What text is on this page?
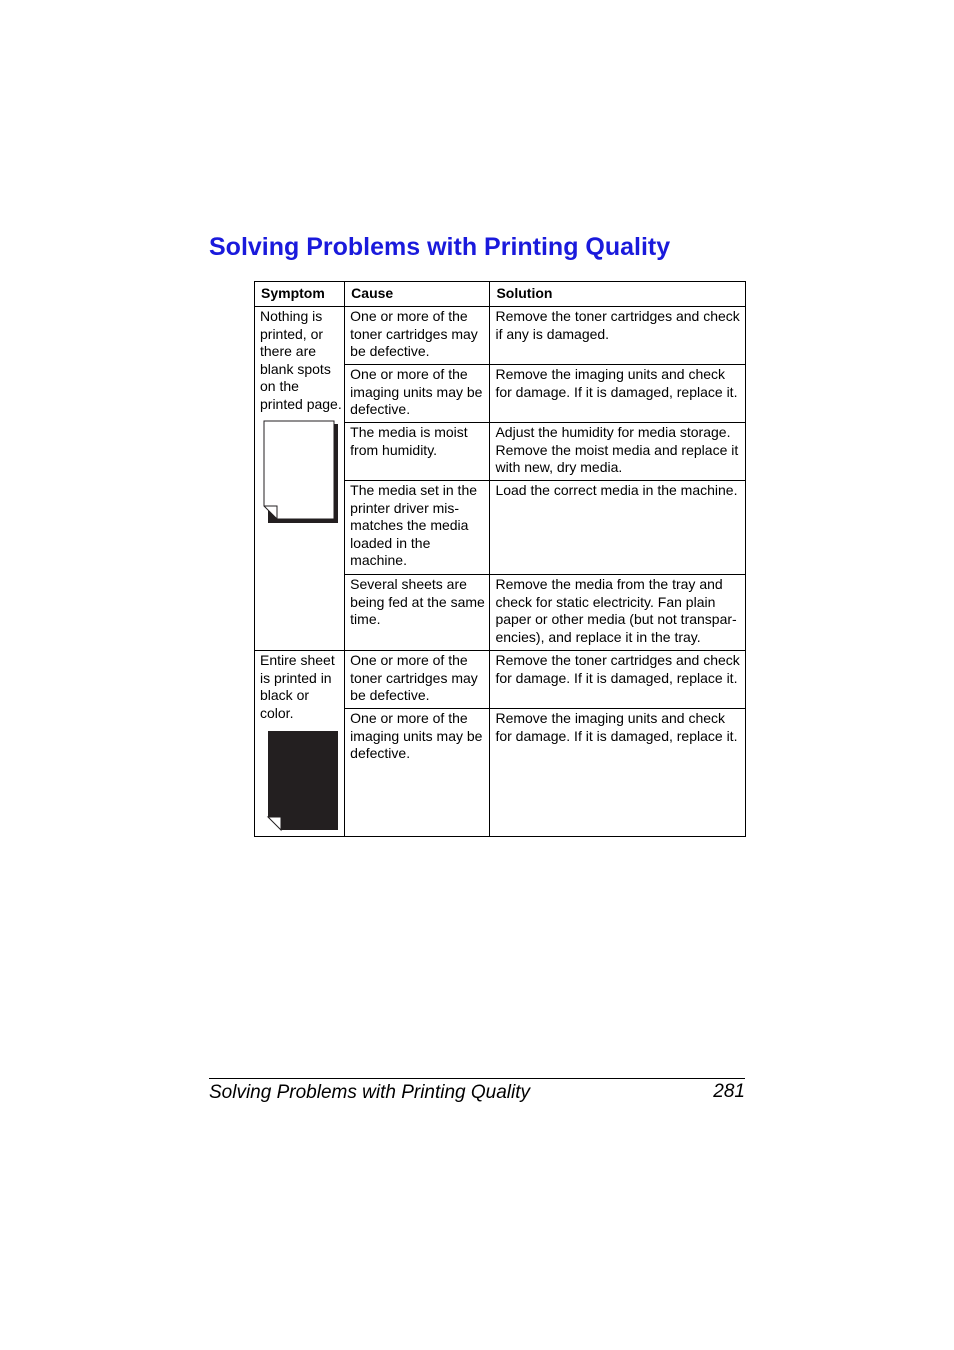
Solving Problems with Printing Quality
Symptom	Cause	Solution

Nothing is printed, or there are blank spots on the printed page.	One or more of the toner cartridges may be defective.	Remove the toner cartridges and check if any is damaged.

	One or more of the imaging units may be defective.	Remove the imaging units and check for damage. If it is damaged, replace it.

	The media is moist from humidity.	Adjust the humidity for media storage. Remove the moist media and replace it with new, dry media.

	The media set in the printer driver mis-matches the media loaded in the machine.	Load the correct media in the machine.

	Several sheets are being fed at the same time.	Remove the media from the tray and check for static electricity. Fan plain paper or other media (but not transpar-encies), and replace it in the tray.

Entire sheet is printed in black or color.	One or more of the toner cartridges may be defective.	Remove the toner cartridges and check for damage. If it is damaged, replace it.

	One or more of the imaging units may be defective.	Remove the imaging units and check for damage. If it is damaged, replace it.
Solving Problems with Printing Quality	281
